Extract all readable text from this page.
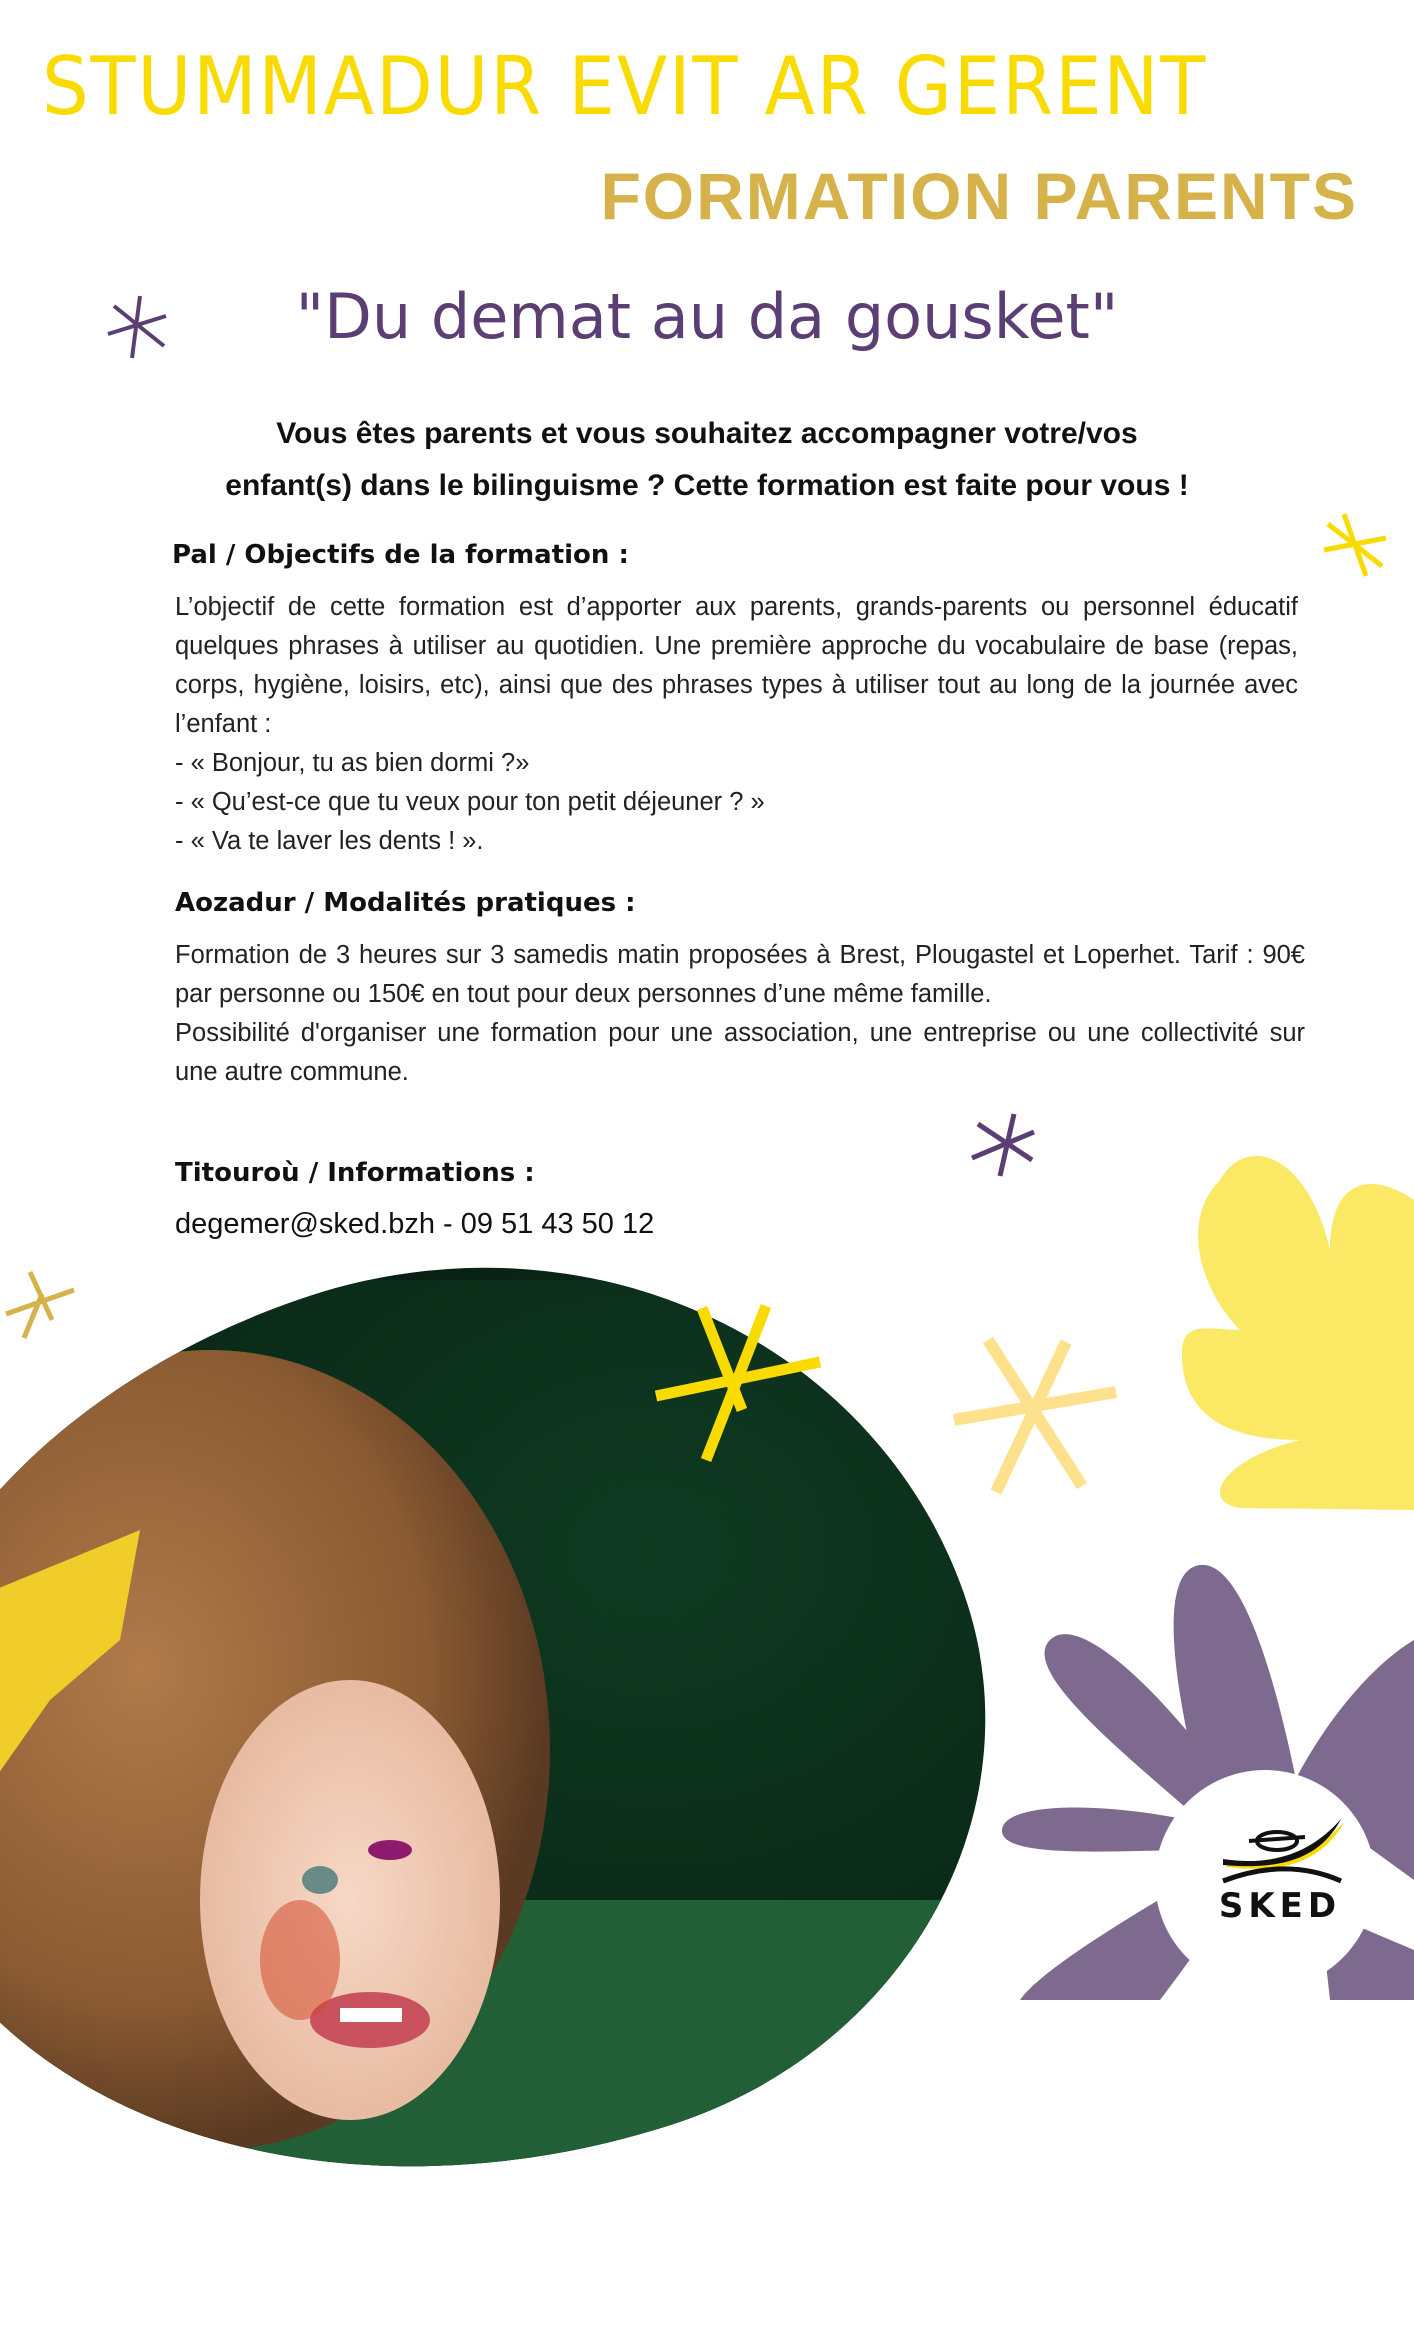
STUMMADUR EVIT AR GERENT
FORMATION PARENTS
"Du demat au da gousket"
Vous êtes parents et vous souhaitez accompagner votre/vos
enfant(s) dans le bilinguisme ? Cette formation est faite pour vous !
Pal / Objectifs de la formation :

L’objectif de cette formation est d’apporter aux parents, grands-parents ou personnel éducatif quelques phrases à utiliser au quotidien. Une première approche du vocabulaire de base (repas, corps, hygiène, loisirs, etc), ainsi que des phrases types à utiliser tout au long de la journée avec l’enfant :

- « Bonjour, tu as bien dormi ?»

- « Qu’est-ce que tu veux pour ton petit déjeuner ? »

- « Va te laver les dents ! ».

Aozadur / Modalités pratiques :

Formation de 3 heures sur 3 samedis matin proposées à Brest, Plougastel et Loperhet. Tarif : 90€ par personne ou 150€ en tout pour deux personnes d’une même famille.

Possibilité d'organiser une formation pour une association, une entreprise ou une collectivité sur une autre commune.

Titouroù / Informations :
degemer@sked.bzh - 09 51 43 50 12
SKED
